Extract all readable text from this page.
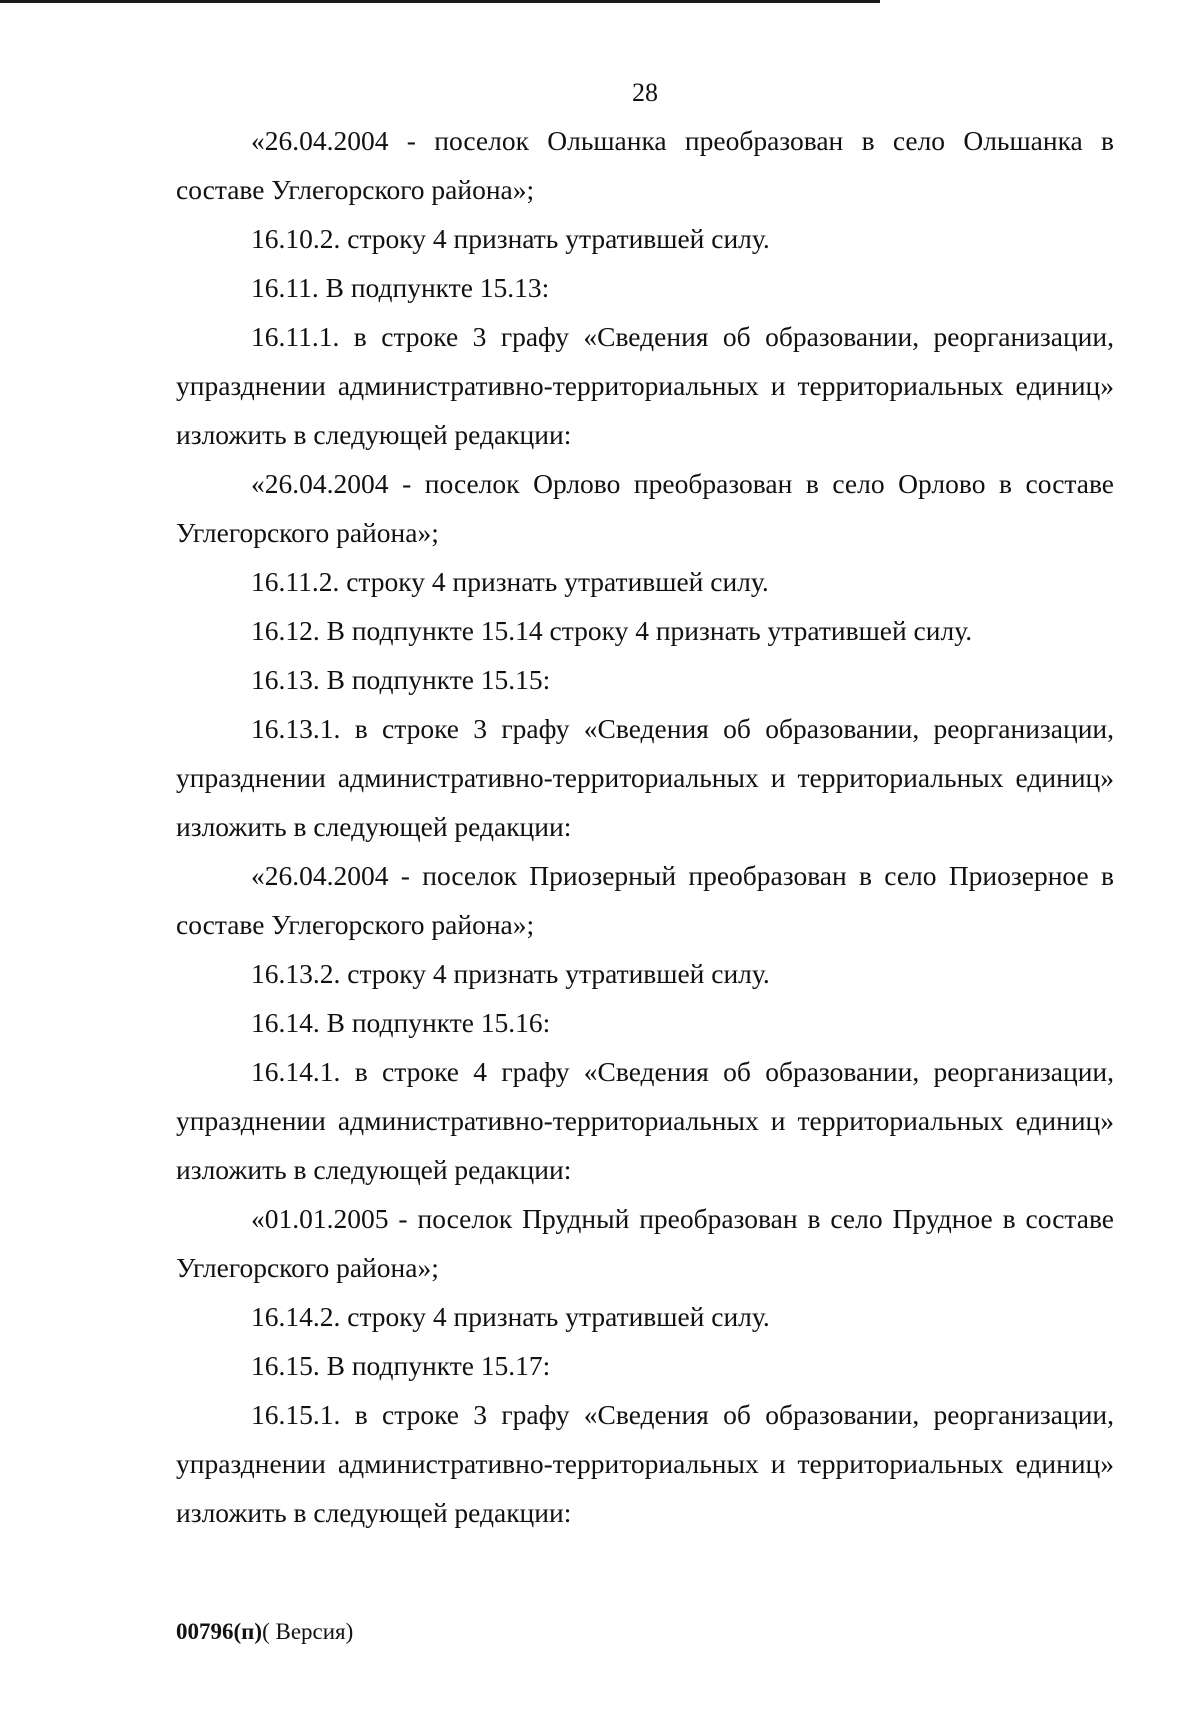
28

«26.04.2004 - поселок Ольшанка преобразован в село Ольшанка в составе Углегорского района»;

16.10.2. строку 4 признать утратившей силу.

16.11. В подпункте 15.13:

16.11.1. в строке 3 графу «Сведения об образовании, реорганизации, упразднении административно-территориальных и территориальных единиц» изложить в следующей редакции:

«26.04.2004 - поселок Орлово преобразован в село Орлово в составе Углегорского района»;

16.11.2. строку 4 признать утратившей силу.

16.12. В подпункте 15.14 строку 4 признать утратившей силу.

16.13. В подпункте 15.15:

16.13.1. в строке 3 графу «Сведения об образовании, реорганизации, упразднении административно-территориальных и территориальных единиц» изложить в следующей редакции:

«26.04.2004 - поселок Приозерный преобразован в село Приозерное в составе Углегорского района»;

16.13.2. строку 4 признать утратившей силу.

16.14. В подпункте 15.16:

16.14.1. в строке 4 графу «Сведения об образовании, реорганизации, упразднении административно-территориальных и территориальных единиц» изложить в следующей редакции:

«01.01.2005 - поселок Прудный преобразован в село Прудное в составе Углегорского района»;

16.14.2. строку 4 признать утратившей силу.

16.15. В подпункте 15.17:

16.15.1. в строке 3 графу «Сведения об образовании, реорганизации, упразднении административно-территориальных и территориальных единиц» изложить в следующей редакции:

00796(п)( Версия)
